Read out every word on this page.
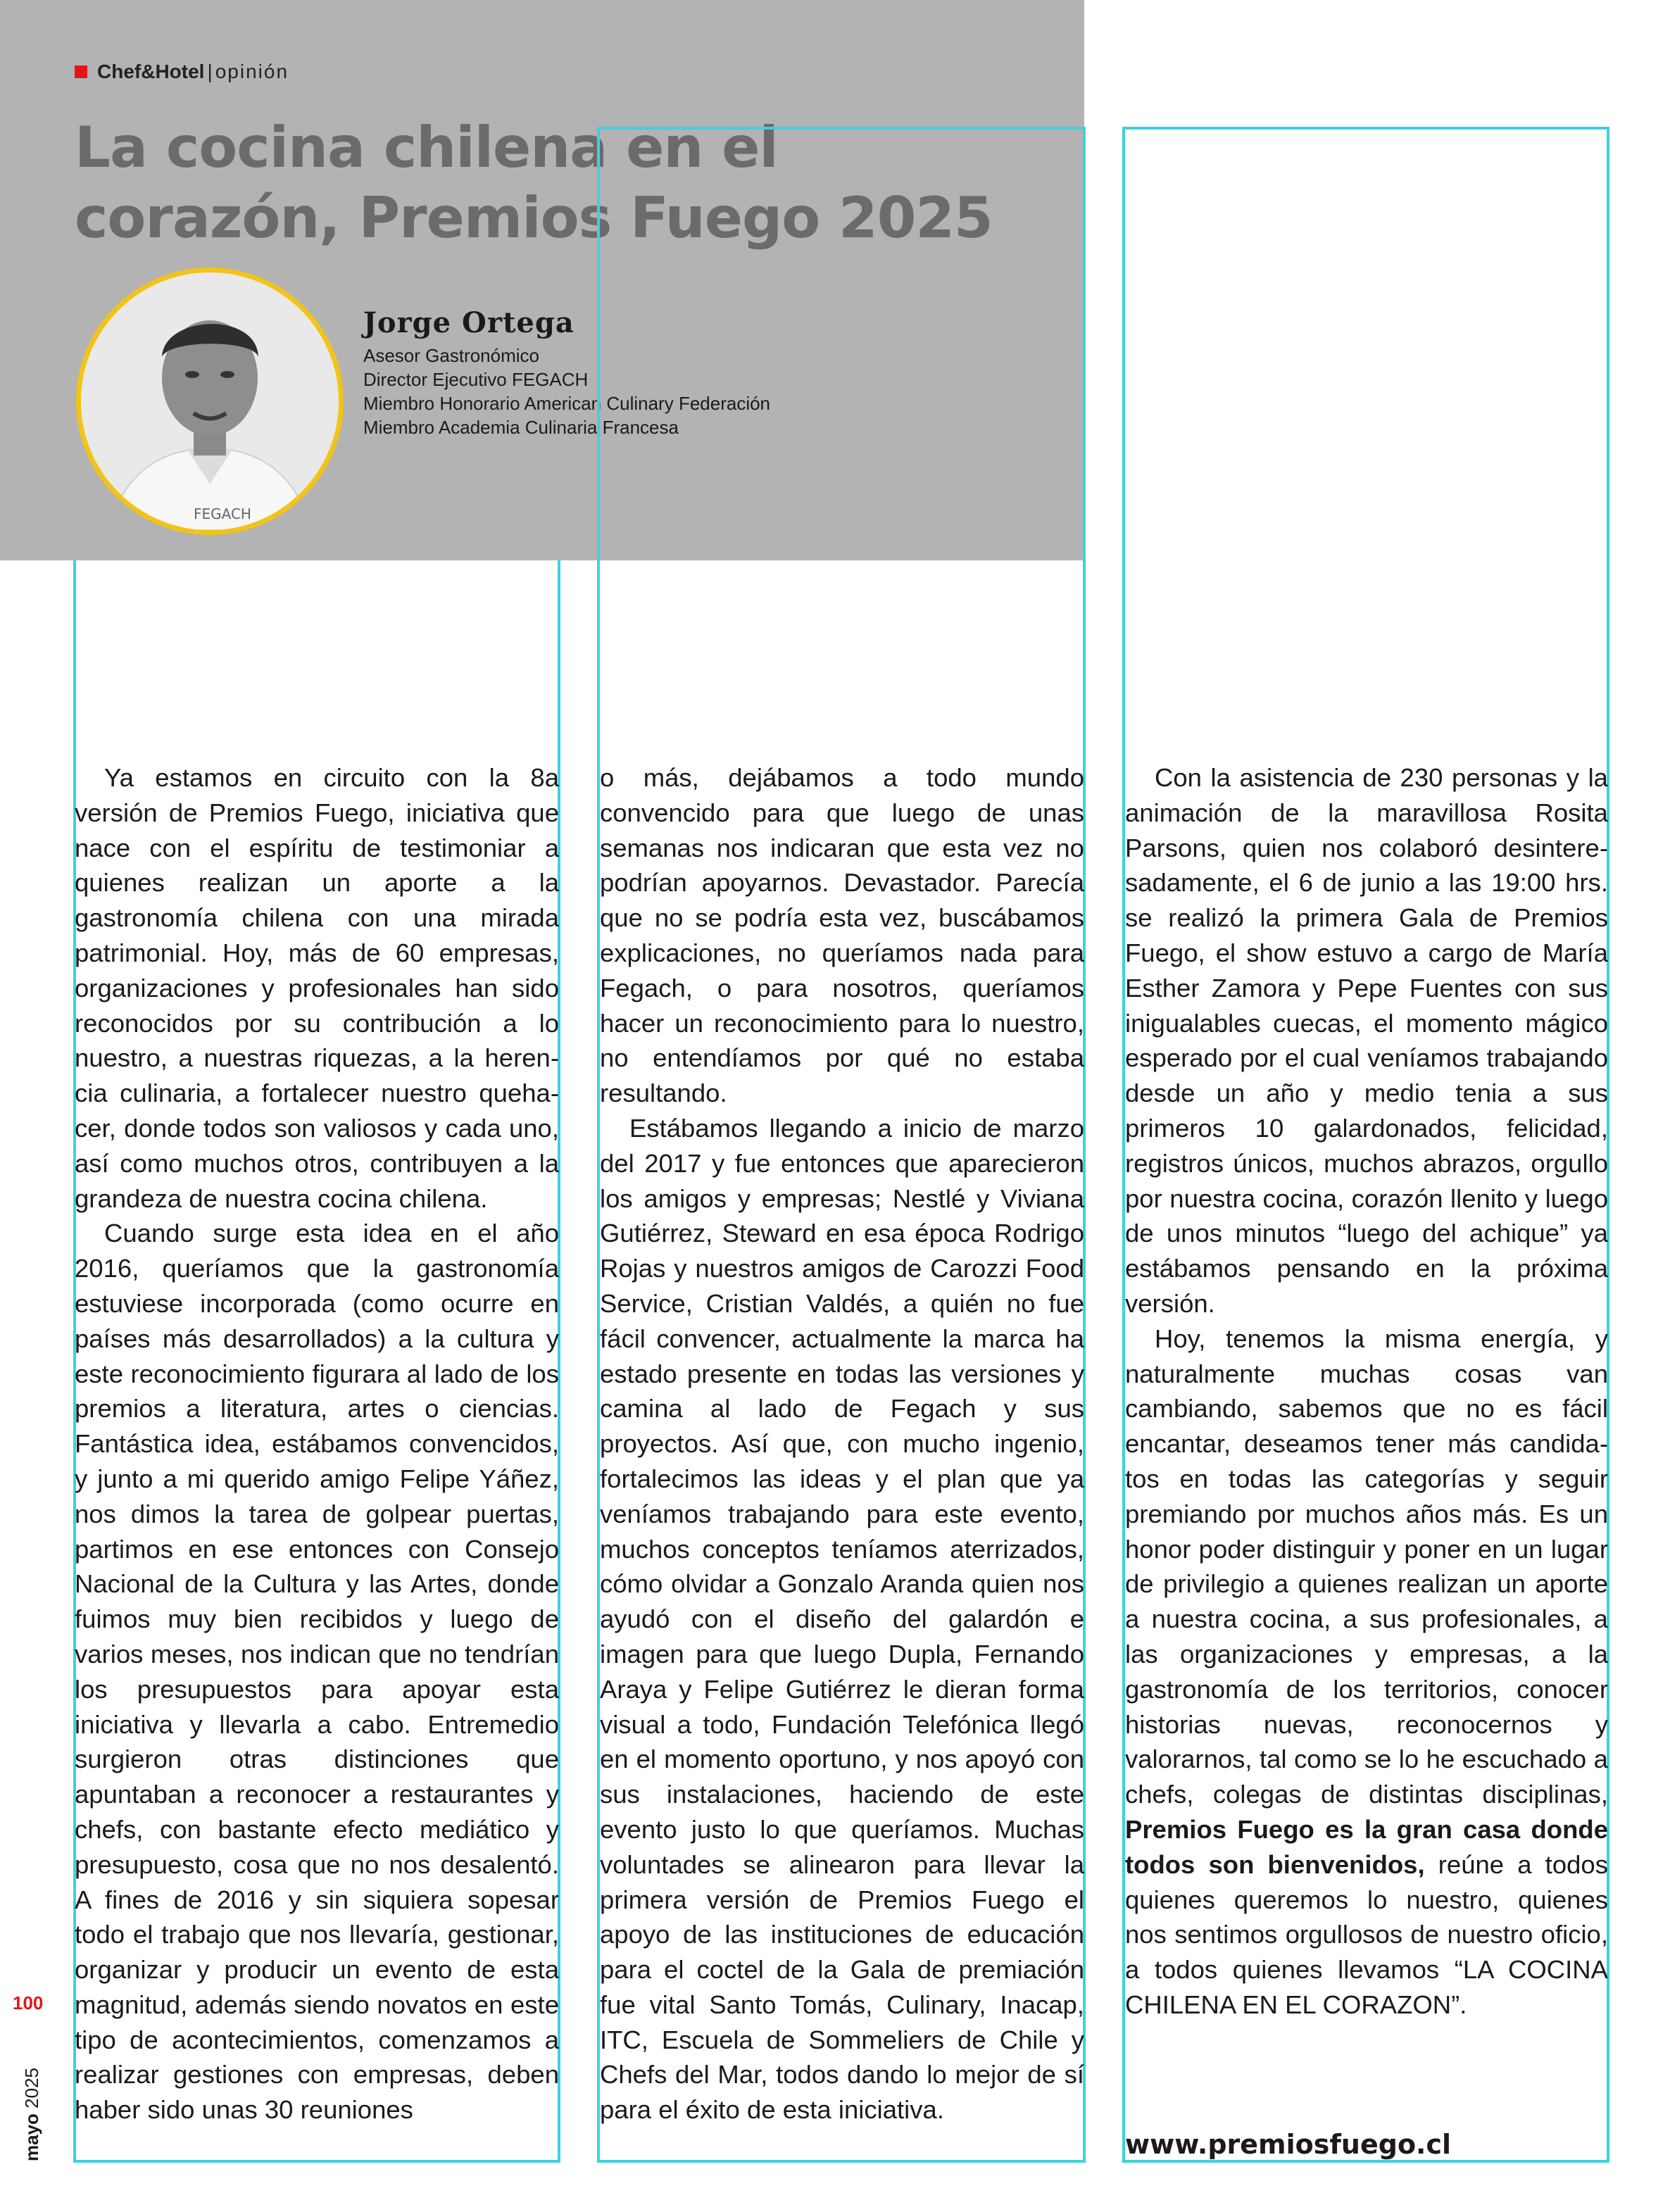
Chef&Hotel | opinión
La cocina chilena en el corazón, Premios Fuego 2025
FEGACH
Jorge Ortega
Asesor Gastronómico
Director Ejecutivo FEGACH
Miembro Honorario American Culinary Federación
Miembro Academia Culinaria Francesa

Ya estamos en circuito con la 8a versión de Premios Fuego, iniciativa que nace con el espíritu de testimoniar a quienes realizan un aporte a la gastronomía chilena con una mirada patrimonial. Hoy, más de 60 empresas, organizaciones y profesionales han sido reconocidos por su contribución a lo nuestro, a nuestras riquezas, a la herencia culinaria, a fortalecer nuestro quehacer, donde todos son valiosos y cada uno, así como muchos otros, contribuyen a la grandeza de nuestra cocina chilena.

Cuando surge esta idea en el año 2016, queríamos que la gastronomía estuviese incorporada (como ocurre en países más desarrollados) a la cultura y este reconocimiento figurara al lado de los premios a literatura, artes o ciencias. Fantástica idea, estábamos convencidos, y junto a mi querido amigo Felipe Yáñez, nos dimos la tarea de golpear puertas, partimos en ese entonces con Consejo Nacional de la Cultura y las Artes, donde fuimos muy bien recibidos y luego de varios meses, nos indican que no tendrían los presupuestos para apoyar esta iniciativa y llevarla a cabo. Entremedio surgieron otras distinciones que apuntaban a reconocer a restaurantes y chefs, con bastante efecto mediático y presupuesto, cosa que no nos desalentó. A fines de 2016 y sin siquiera sopesar todo el trabajo que nos llevaría, gestionar, organizar y producir un evento de esta magnitud, además siendo novatos en este tipo de acontecimientos, comenzamos a realizar gestiones con empresas, deben haber sido unas 30 reuniones

o más, dejábamos a todo mundo convencido para que luego de unas semanas nos indicaran que esta vez no podrían apoyarnos. Devastador. Parecía que no se podría esta vez, buscábamos explicaciones, no queríamos nada para Fegach, o para nosotros, queríamos hacer un reconocimiento para lo nuestro, no entendíamos por qué no estaba resultando.

Estábamos llegando a inicio de marzo del 2017 y fue entonces que aparecieron los amigos y empresas; Nestlé y Viviana Gutiérrez, Steward en esa época Rodrigo Rojas y nuestros amigos de Carozzi Food Service, Cristian Valdés, a quién no fue fácil convencer, actualmente la marca ha estado presente en todas las versiones y camina al lado de Fegach y sus proyectos. Así que, con mucho ingenio, fortalecimos las ideas y el plan que ya veníamos trabajando para este evento, muchos conceptos teníamos aterrizados, cómo olvidar a Gonzalo Aranda quien nos ayudó con el diseño del galardón e imagen para que luego Dupla, Fernando Araya y Felipe Gutiérrez le dieran forma visual a todo, Fundación Telefónica llegó en el momento oportuno, y nos apoyó con sus instalaciones, haciendo de este evento justo lo que queríamos. Muchas voluntades se alinearon para llevar la primera versión de Premios Fuego el apoyo de las instituciones de educación para el coctel de la Gala de premiación fue vital Santo Tomás, Culinary, Inacap, ITC, Escuela de Sommeliers de Chile y Chefs del Mar, todos dando lo mejor de sí para el éxito de esta iniciativa.

Con la asistencia de 230 personas y la animación de la maravillosa Rosita Parsons, quien nos colaboró desinteresadamente, el 6 de junio a las 19:00 hrs. se realizó la primera Gala de Premios Fuego, el show estuvo a cargo de María Esther Zamora y Pepe Fuentes con sus inigualables cuecas, el momento mágico esperado por el cual veníamos trabajando desde un año y medio tenia a sus primeros 10 galardonados, felicidad, registros únicos, muchos abrazos, orgullo por nuestra cocina, corazón llenito y luego de unos minutos “luego del achique” ya estábamos pensando en la próxima versión.

Hoy, tenemos la misma energía, y naturalmente muchas cosas van cambiando, sabemos que no es fácil encantar, deseamos tener más candidatos en todas las categorías y seguir premiando por muchos años más. Es un honor poder distinguir y poner en un lugar de privilegio a quienes realizan un aporte a nuestra cocina, a sus profesionales, a las organizaciones y empresas, a la gastronomía de los territorios, conocer historias nuevas, reconocernos y valorarnos, tal como se lo he escuchado a chefs, colegas de distintas disciplinas, Premios Fuego es la gran casa donde todos son bienvenidos, reúne a todos quienes queremos lo nuestro, quienes nos sentimos orgullosos de nuestro oficio, a todos quienes llevamos “LA COCINA CHILENA EN EL CORAZON”.

www.premiosfuego.cl
100
mayo 2025
